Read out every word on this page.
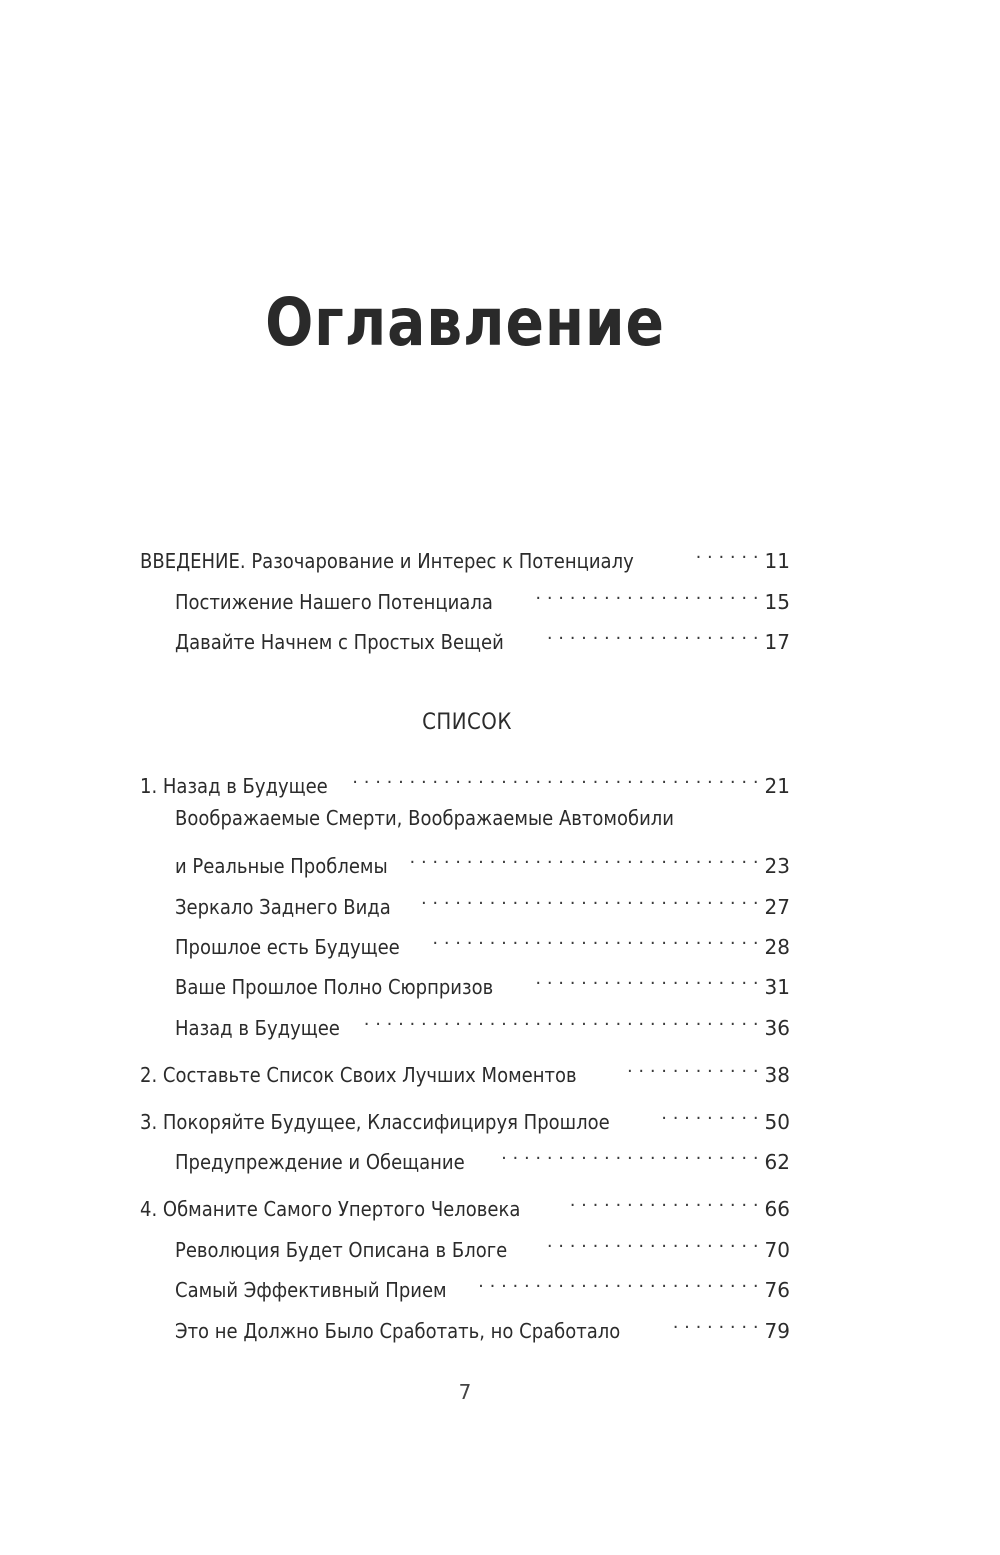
Оглавление
ВВЕДЕНИЕ. Разочарование и Интерес к Потенциалу . . .	11
Постижение Нашего Потенциала . . .	15
Давайте Начнем с Простых Вещей . . .	17
1. Назад в Будущее . . .	21
Воображаемые Смерти, Воображаемые Автомобили
и Реальные Проблемы . . .	23
Зеркало Заднего Вида . . .	27
Прошлое есть Будущее . . .	28
Ваше Прошлое Полно Сюрпризов . . .	31
Назад в Будущее . . .	36
2. Составьте Список Своих Лучших Моментов . . .	38
3. Покоряйте Будущее, Классифицируя Прошлое . . .	50
Предупреждение и Обещание . . .	62
4. Обманите Самого Упертого Человека . . .	66
Революция Будет Описана в Блоге . . .	70
Самый Эффективный Прием . . .	76
Это не Должно Было Сработать, но Сработало . . .	79
СПИСОК
7
